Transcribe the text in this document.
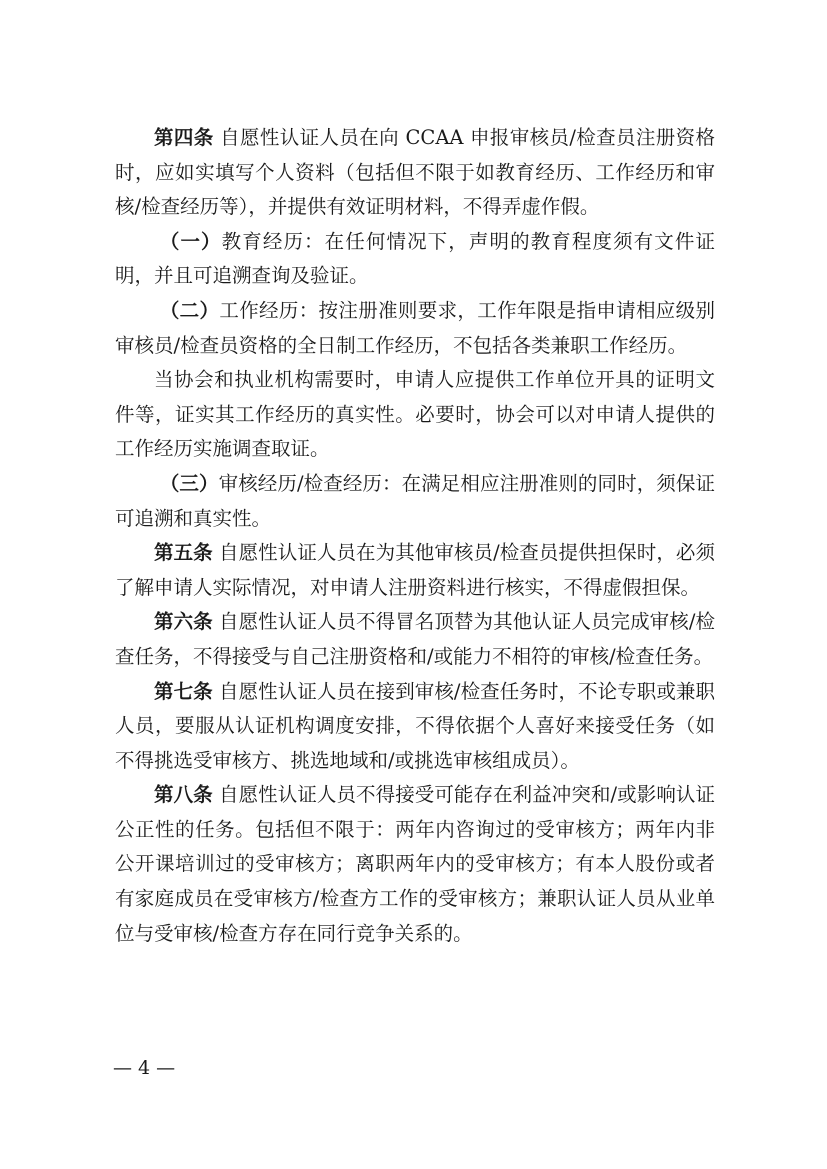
第四条 自愿性认证人员在向 CCAA 申报审核员/检查员注册资格时，应如实填写个人资料（包括但不限于如教育经历、工作经历和审核/检查经历等），并提供有效证明材料，不得弄虚作假。

（一）教育经历：在任何情况下，声明的教育程度须有文件证明，并且可追溯查询及验证。

（二）工作经历：按注册准则要求，工作年限是指申请相应级别审核员/检查员资格的全日制工作经历，不包括各类兼职工作经历。

当协会和执业机构需要时，申请人应提供工作单位开具的证明文件等，证实其工作经历的真实性。必要时，协会可以对申请人提供的工作经历实施调查取证。

（三）审核经历/检查经历：在满足相应注册准则的同时，须保证可追溯和真实性。

第五条 自愿性认证人员在为其他审核员/检查员提供担保时，必须了解申请人实际情况，对申请人注册资料进行核实，不得虚假担保。

第六条 自愿性认证人员不得冒名顶替为其他认证人员完成审核/检查任务，不得接受与自己注册资格和/或能力不相符的审核/检查任务。

第七条 自愿性认证人员在接到审核/检查任务时，不论专职或兼职人员，要服从认证机构调度安排，不得依据个人喜好来接受任务（如不得挑选受审核方、挑选地域和/或挑选审核组成员）。

第八条 自愿性认证人员不得接受可能存在利益冲突和/或影响认证公正性的任务。包括但不限于：两年内咨询过的受审核方；两年内非公开课培训过的受审核方；离职两年内的受审核方；有本人股份或者有家庭成员在受审核方/检查方工作的受审核方；兼职认证人员从业单位与受审核/检查方存在同行竞争关系的。

— 4 —
